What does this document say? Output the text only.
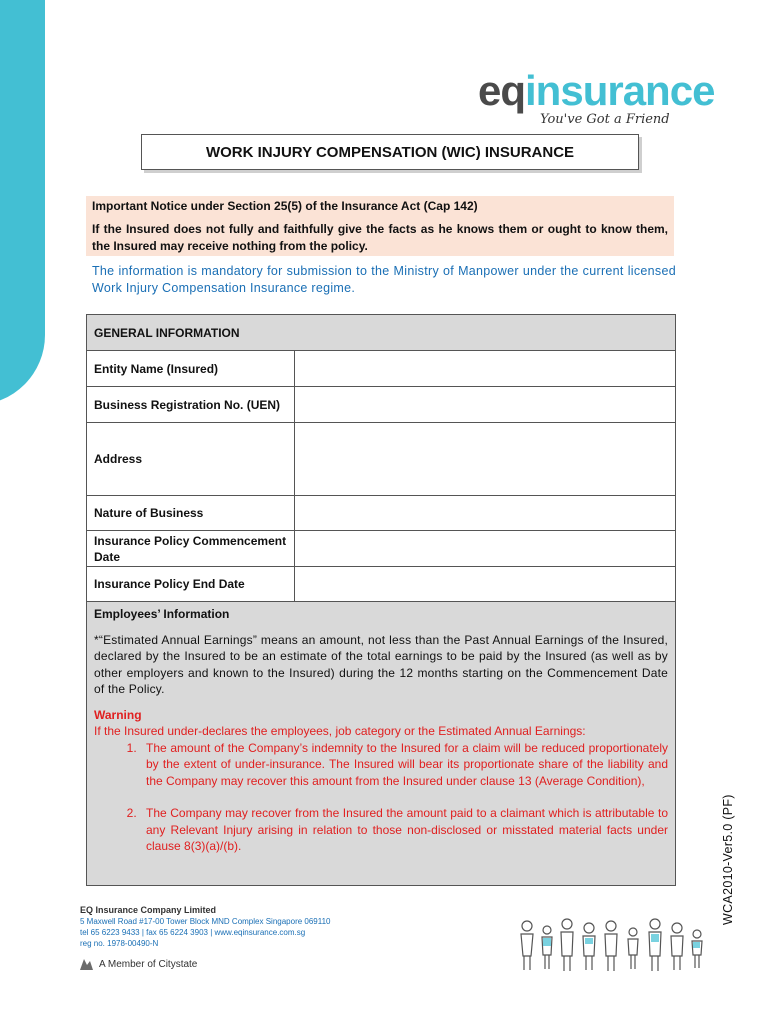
eqinsurance
You've Got a Friend
WORK INJURY COMPENSATION (WIC) INSURANCE
Important Notice under Section 25(5) of the Insurance Act (Cap 142)
If the Insured does not fully and faithfully give the facts as he knows them or ought to know them, the Insured may receive nothing from the policy.
The information is mandatory for submission to the Ministry of Manpower under the current licensed Work Injury Compensation Insurance regime.
GENERAL INFORMATION
Entity Name (Insured)
Business Registration No. (UEN)
Address
Nature of Business
Insurance Policy Commencement Date
Insurance Policy End Date
Employees’ Information
*“Estimated Annual Earnings” means an amount, not less than the Past Annual Earnings of the Insured, declared by the Insured to be an estimate of the total earnings to be paid by the Insured (as well as by other employers and known to the Insured) during the 12 months starting on the Commencement Date of the Policy.
Warning
If the Insured under-declares the employees, job category or the Estimated Annual Earnings:
1. The amount of the Company’s indemnity to the Insured for a claim will be reduced proportionately by the extent of under-insurance. The Insured will bear its proportionate share of the liability and the Company may recover this amount from the Insured under clause 13 (Average Condition),
2. The Company may recover from the Insured the amount paid to a claimant which is attributable to any Relevant Injury arising in relation to those non-disclosed or misstated material facts under clause 8(3)(a)/(b).	WCA2010-Ver5.0 (PF)
EQ Insurance Company Limited
5 Maxwell Road #17-00 Tower Block MND Complex Singapore 069110
tel 65 6223 9433 | fax 65 6224 3903 | www.eqinsurance.com.sg
reg no. 1978-00490-N
A Member of Citystate
